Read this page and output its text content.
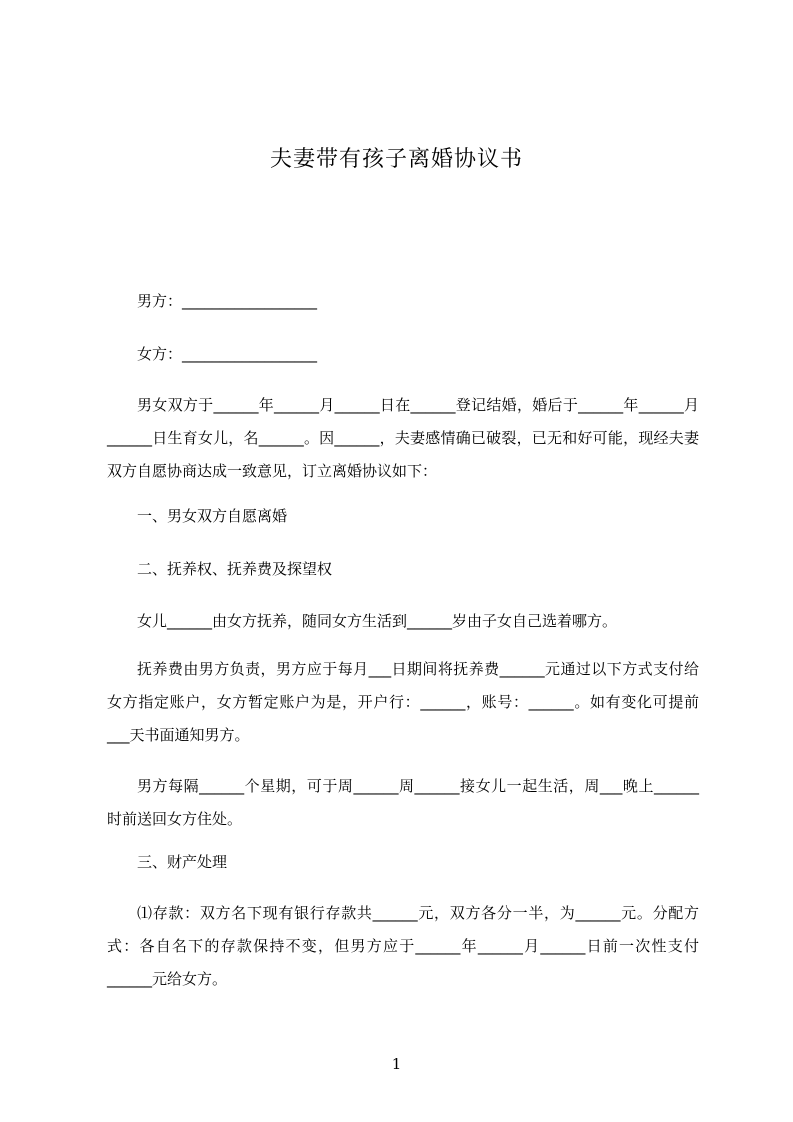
夫妻带有孩子离婚协议书
男方：__________________
女方：__________________
男女双方于______年______月______日在______登记结婚，婚后于______年______月______日生育女儿，名______。因______，夫妻感情确已破裂，已无和好可能，现经夫妻双方自愿协商达成一致意见，订立离婚协议如下：
一、男女双方自愿离婚
二、抚养权、抚养费及探望权
女儿______由女方抚养，随同女方生活到______岁由子女自己选着哪方。
抚养费由男方负责，男方应于每月___日期间将抚养费______元通过以下方式支付给女方指定账户，女方暂定账户为是，开户行：______，账号：______。如有变化可提前___天书面通知男方。
男方每隔______个星期，可于周______周______接女儿一起生活，周___晚上______时前送回女方住处。
三、财产处理
⑴存款：双方名下现有银行存款共______元，双方各分一半，为______元。分配方式：各自名下的存款保持不变，但男方应于______年______月______日前一次性支付______元给女方。
1
